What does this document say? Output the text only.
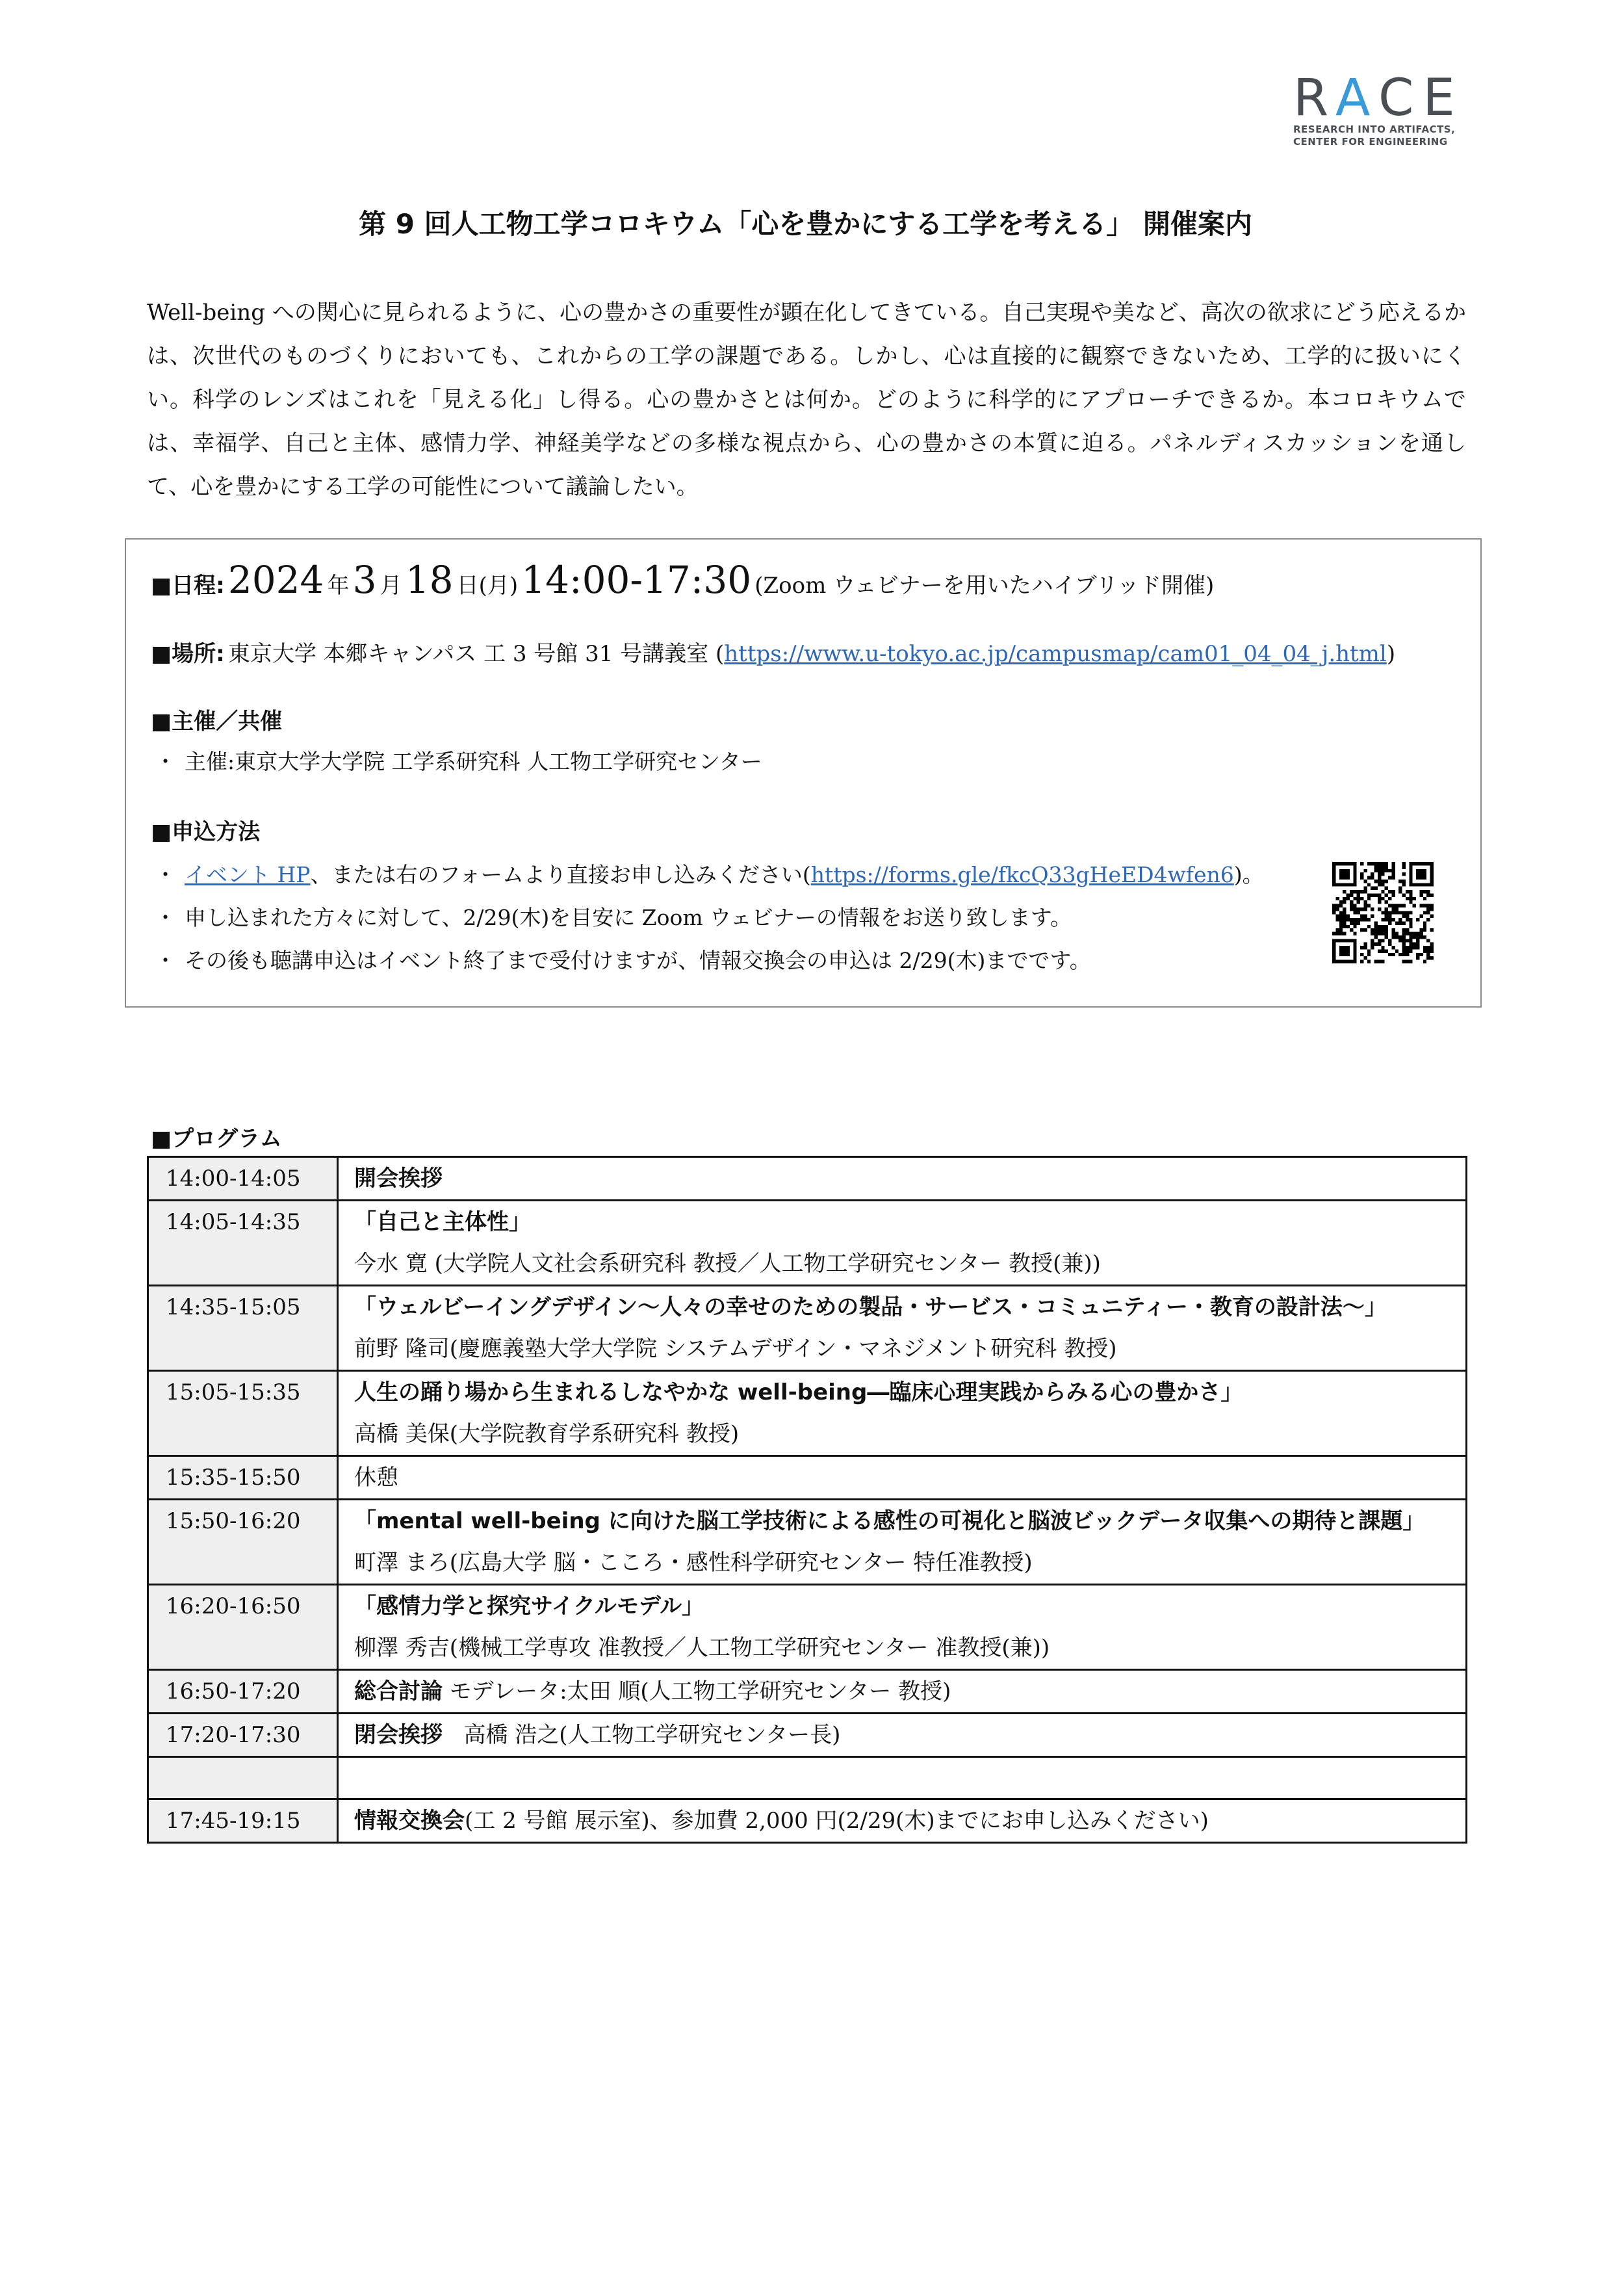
RACE
RESEARCH INTO ARTIFACTS,
CENTER FOR ENGINEERING
第 9 回人工物工学コロキウム「心を豊かにする工学を考える」 開催案内
Well-being への関心に見られるように、心の豊かさの重要性が顕在化してきている。自己実現や美など、高次の欲求にどう応えるかは、次世代のものづくりにおいても、これからの工学の課題である。しかし、心は直接的に観察できないため、工学的に扱いにくい。科学のレンズはこれを「見える化」し得る。心の豊かさとは何か。どのように科学的にアプローチできるか。本コロキウムでは、幸福学、自己と主体、感情力学、神経美学などの多様な視点から、心の豊かさの本質に迫る。パネルディスカッションを通して、心を豊かにする工学の可能性について議論したい。
■日程: 2024 年 3 月 18 日(月) 14:00-17:30 (Zoom ウェビナーを用いたハイブリッド開催)
■場所: 東京大学 本郷キャンパス 工 3 号館 31 号講義室 (https://www.u-tokyo.ac.jp/campusmap/cam01_04_04_j.html)
■主催／共催
・ 主催:東京大学大学院 工学系研究科 人工物工学研究センター
■申込方法
・ イベント HP、または右のフォームより直接お申し込みください(https://forms.gle/fkcQ33gHeED4wfen6)。
・ 申し込まれた方々に対して、2/29(木)を目安に Zoom ウェビナーの情報をお送り致します。
・ その後も聴講申込はイベント終了まで受付けますが、情報交換会の申込は 2/29(木)までです。
■プログラム
14:00-14:05	開会挨拶

14:05-14:35	「自己と主体性」
今水 寛 (大学院人文社会系研究科 教授／人工物工学研究センター 教授(兼))

14:35-15:05	「ウェルビーイングデザイン～人々の幸せのための製品・サービス・コミュニティー・教育の設計法～」
前野 隆司(慶應義塾大学大学院 システムデザイン・マネジメント研究科 教授)

15:05-15:35	人生の踊り場から生まれるしなやかな well-being―臨床心理実践からみる心の豊かさ」
高橋 美保(大学院教育学系研究科 教授)

15:35-15:50	休憩

15:50-16:20	「mental well-being に向けた脳工学技術による感性の可視化と脳波ビックデータ収集への期待と課題」
町澤 まろ(広島大学 脳・こころ・感性科学研究センター 特任准教授)

16:20-16:50	「感情力学と探究サイクルモデル」
柳澤 秀吉(機械工学専攻 准教授／人工物工学研究センター 准教授(兼))

16:50-17:20	総合討論 モデレータ:太田 順(人工物工学研究センター 教授)

17:20-17:30	閉会挨拶   高橋 浩之(人工物工学研究センター長)

17:45-19:15	情報交換会(工 2 号館 展示室)、参加費 2,000 円(2/29(木)までにお申し込みください)
